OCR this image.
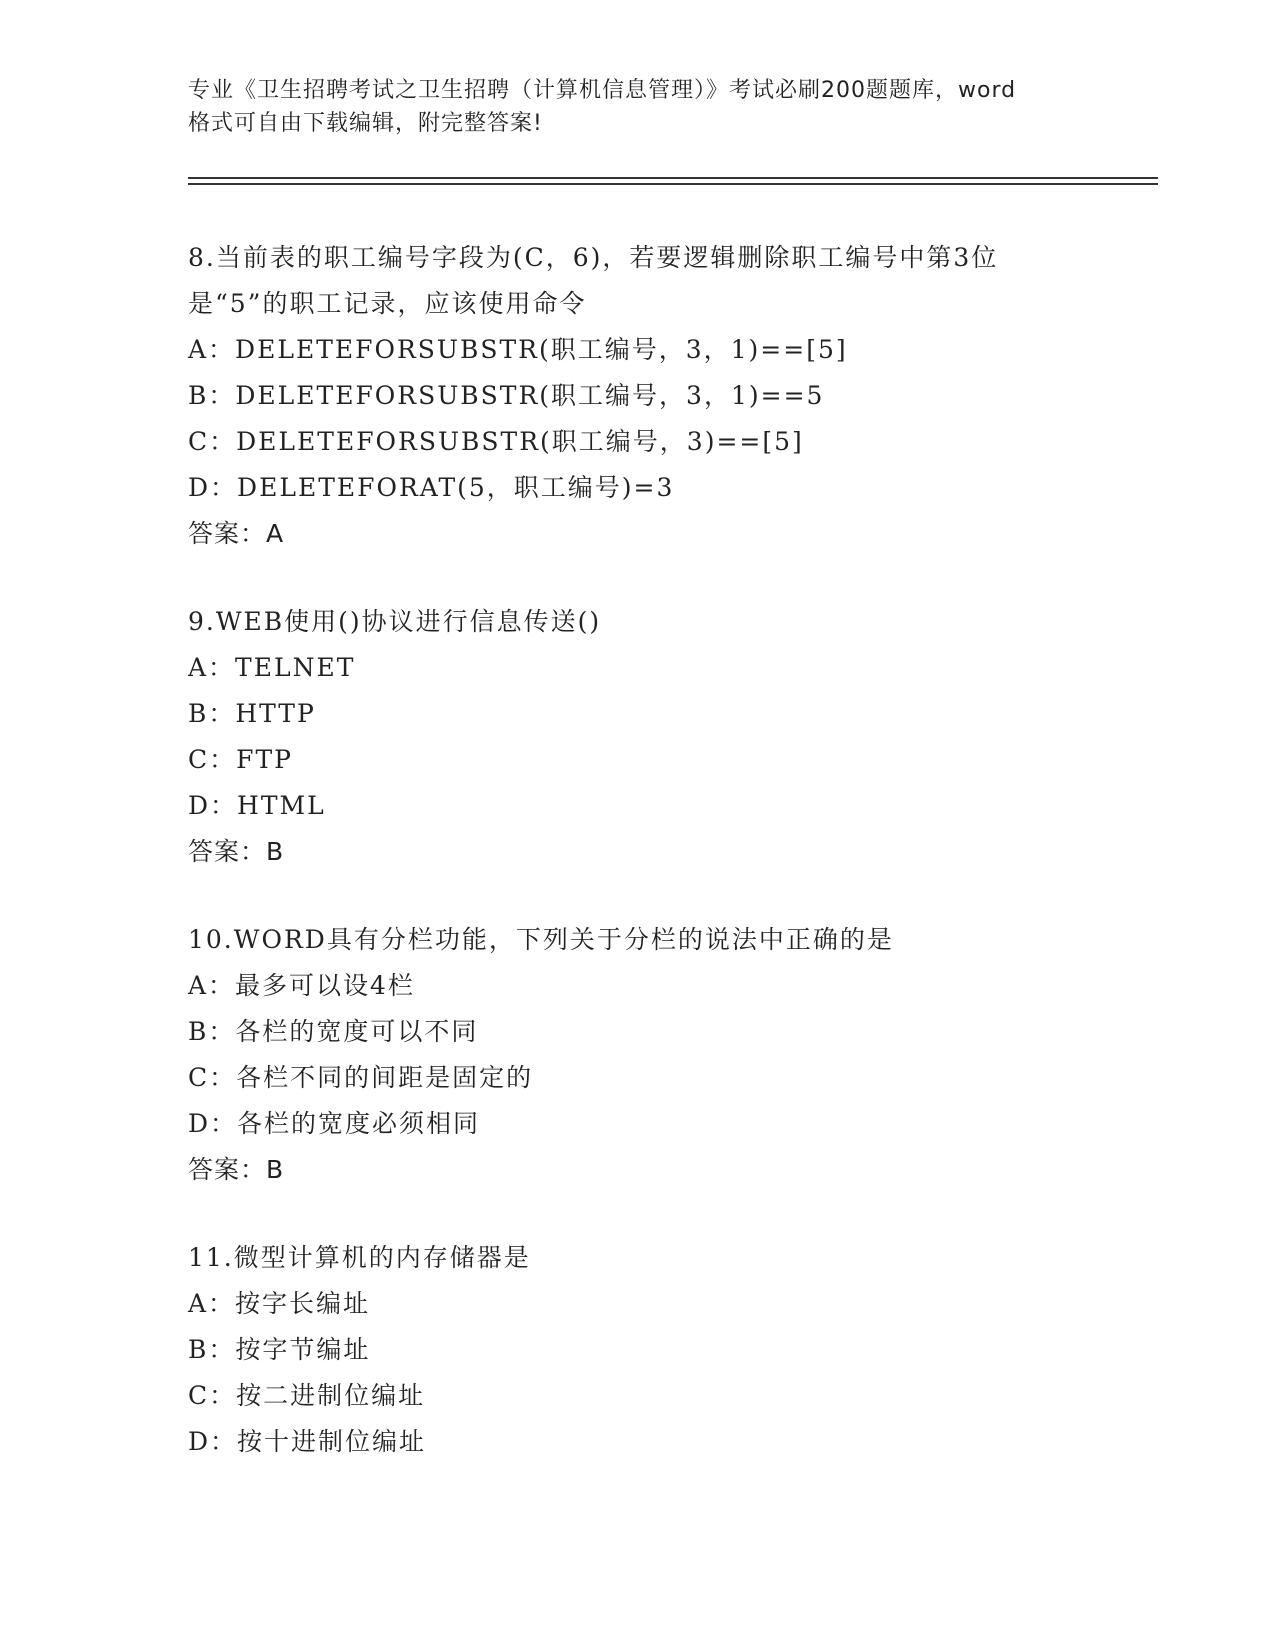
专业《卫生招聘考试之卫生招聘（计算机信息管理）》考试必刷200题题库，word
格式可自由下载编辑，附完整答案!
8.当前表的职工编号字段为(C，6)，若要逻辑删除职工编号中第3位
是“5”的职工记录，应该使用命令
A：DELETEFORSUBSTR(职工编号，3，1)==[5]
B：DELETEFORSUBSTR(职工编号，3，1)==5
C：DELETEFORSUBSTR(职工编号，3)==[5]
D：DELETEFORAT(5，职工编号)=3
答案：A
9.WEB使用()协议进行信息传送()
A：TELNET
B：HTTP
C：FTP
D：HTML
答案：B
10.WORD具有分栏功能，下列关于分栏的说法中正确的是
A：最多可以设4栏
B：各栏的宽度可以不同
C：各栏不同的间距是固定的
D：各栏的宽度必须相同
答案：B
11.微型计算机的内存储器是
A：按字长编址
B：按字节编址
C：按二进制位编址
D：按十进制位编址
